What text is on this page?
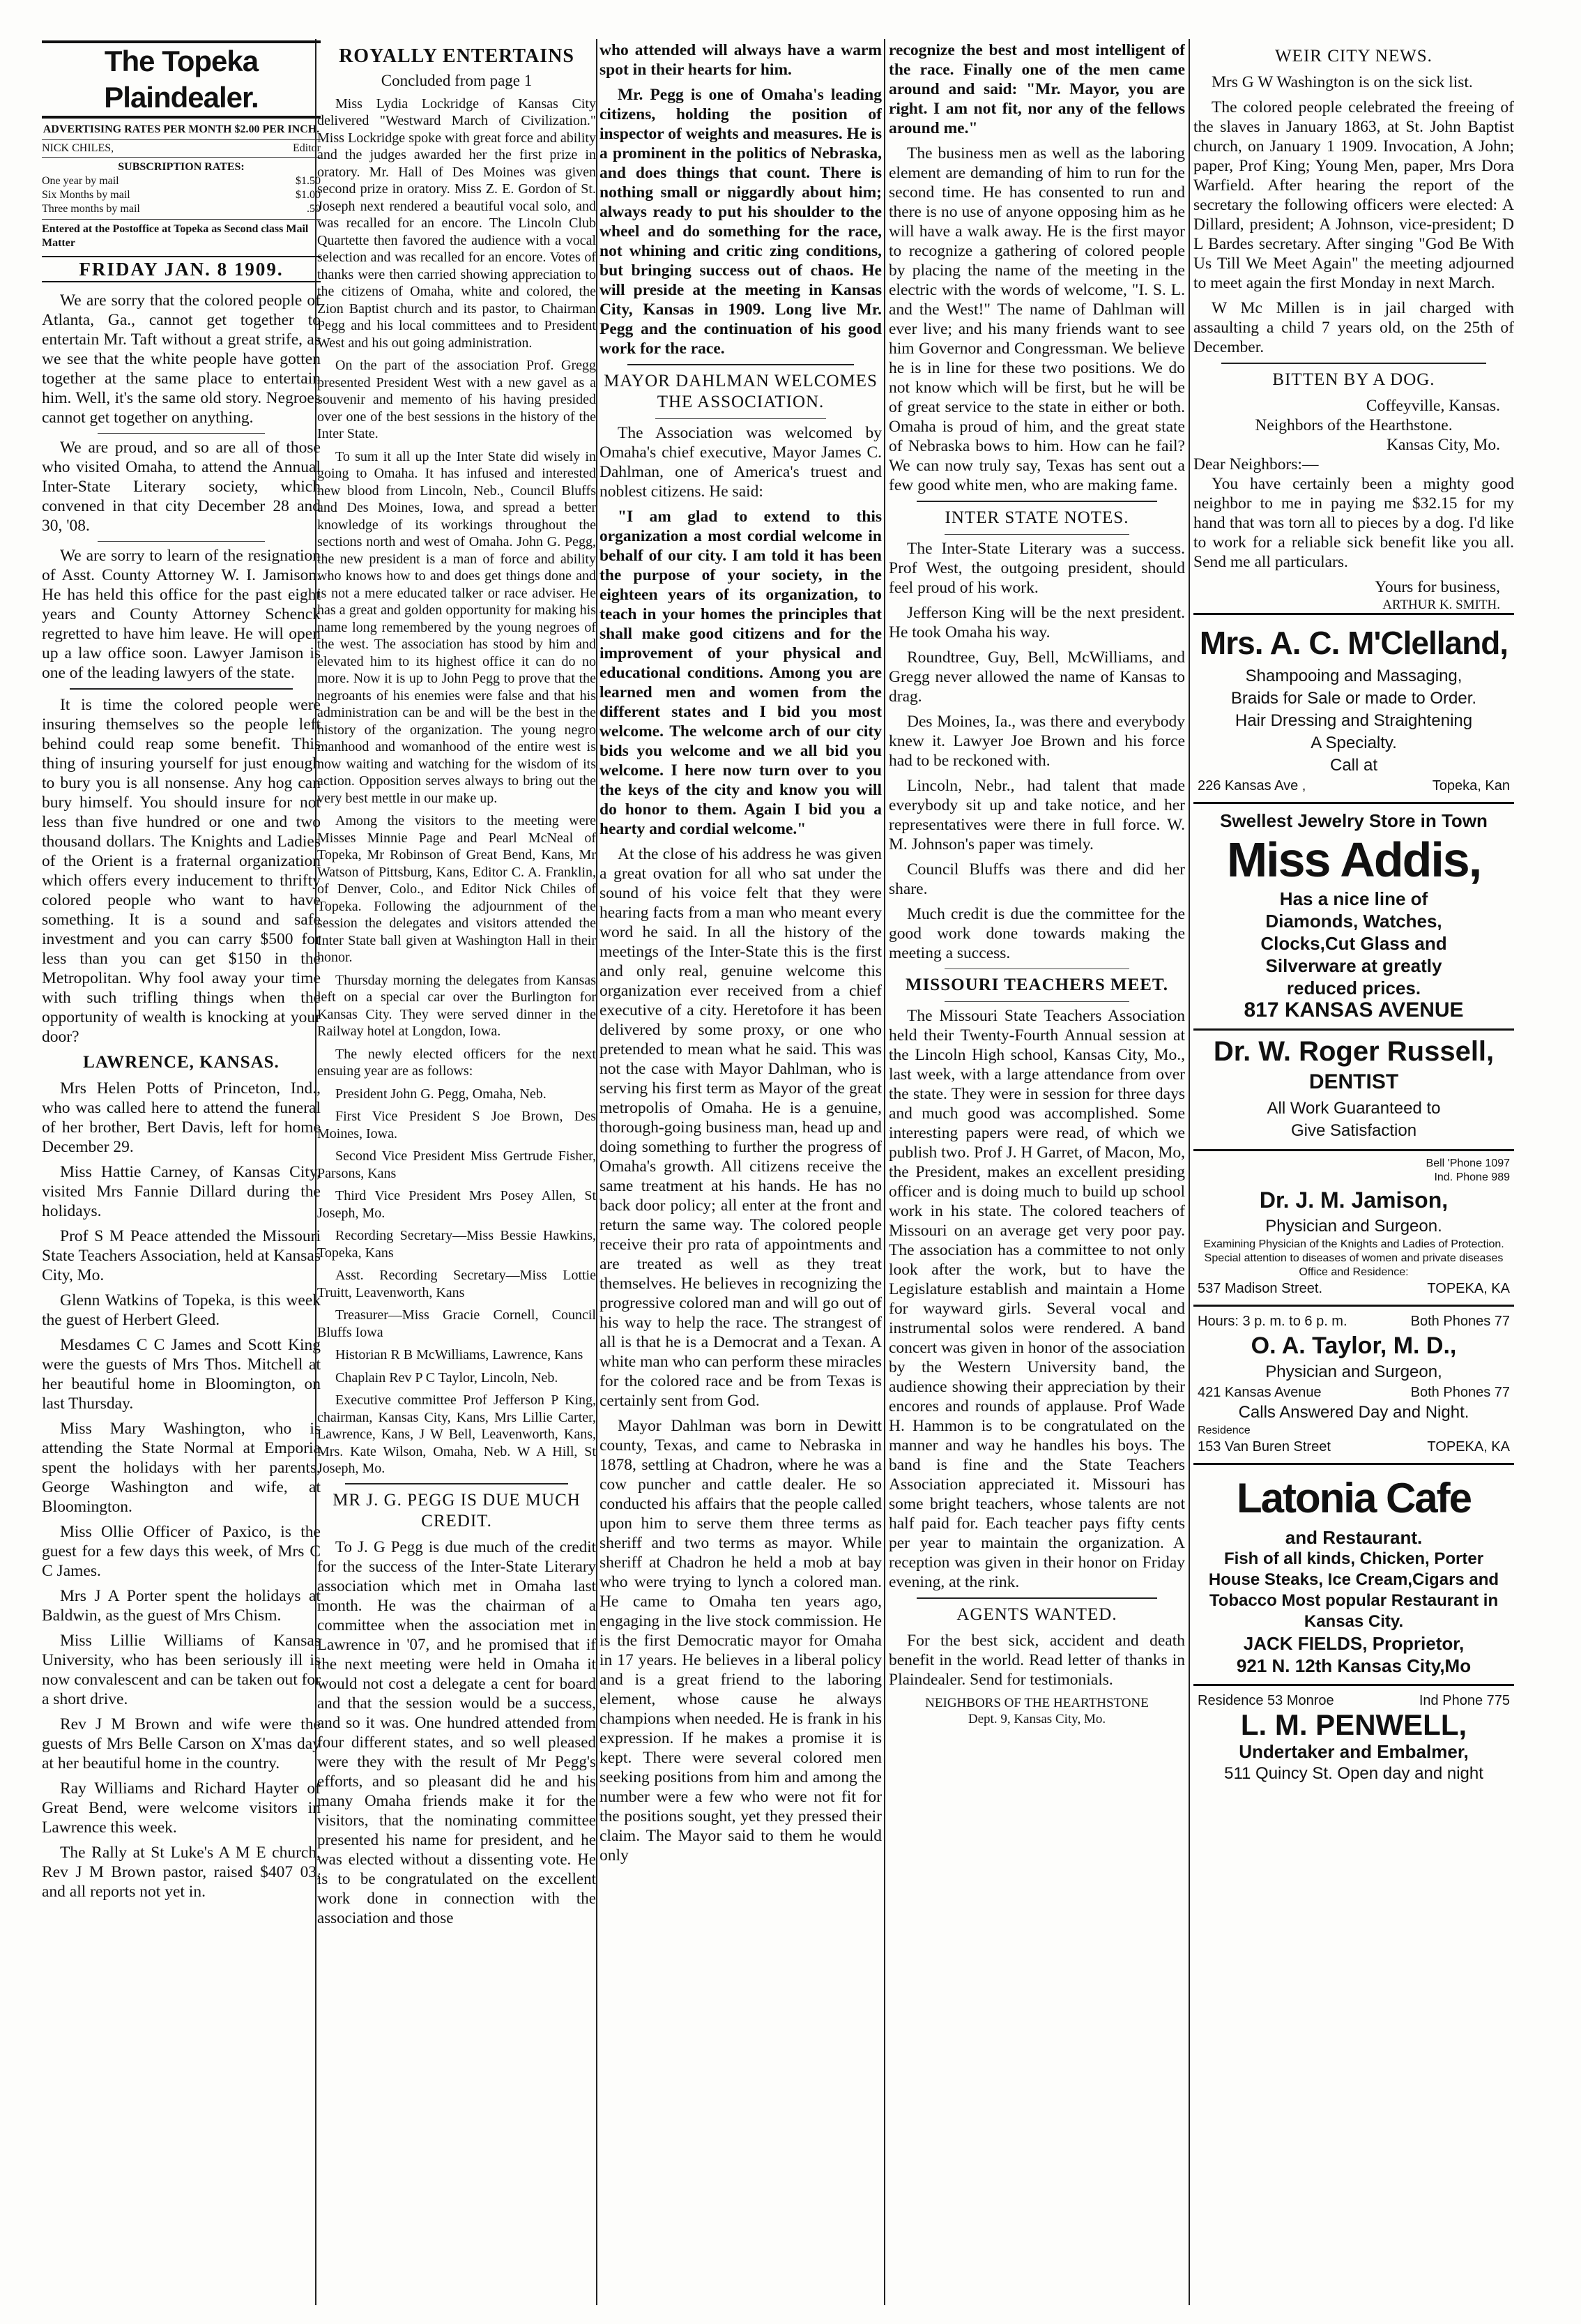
The Topeka Plaindealer.
ADVERTISING RATES PER MONTH $2.00 PER INCH.
NICK CHILES,	Editor
SUBSCRIPTION RATES:
One year by mail	$1.50
Six Months by mail	$1.00
Three months by mail	.50
Entered at the Postoffice at Topeka as Second class Mail Matter
FRIDAY JAN. 8 1909.

We are sorry that the colored people of Atlanta, Ga., cannot get together to entertain Mr. Taft without a great strife, as we see that the white people have gotten together at the same place to entertain him. Well, it's the same old story. Negroes cannot get together on anything.

We are proud, and so are all of those who visited Omaha, to attend the Annual Inter-State Literary society, which convened in that city December 28 and 30, '08.

We are sorry to learn of the resignation of Asst. County Attorney W. I. Jamison. He has held this office for the past eight years and County Attorney Schenck regretted to have him leave. He will open up a law office soon. Lawyer Jamison is one of the leading lawyers of the state.

It is time the colored people were insuring themselves so the people left behind could reap some benefit. This thing of insuring yourself for just enough to bury you is all nonsense. Any hog can bury himself. You should insure for not less than five hundred or one and two thousand dollars. The Knights and Ladies of the Orient is a fraternal organization which offers every inducement to thrifty colored people who want to have something. It is a sound and safe investment and you can carry $500 for less than you can get $150 in the Metropolitan. Why fool away your time with such trifling things when the opportunity of wealth is knocking at your door?

LAWRENCE, KANSAS.

Mrs Helen Potts of Princeton, Ind., who was called here to attend the funeral of her brother, Bert Davis, left for home December 29.

Miss Hattie Carney, of Kansas City, visited Mrs Fannie Dillard during the holidays.

Prof S M Peace attended the Missouri State Teachers Association, held at Kansas City, Mo.

Glenn Watkins of Topeka, is this week the guest of Herbert Gleed.

Mesdames C C James and Scott King were the guests of Mrs Thos. Mitchell at her beautiful home in Bloomington, on last Thursday.

Miss Mary Washington, who is attending the State Normal at Emporia spent the holidays with her parents, George Washington and wife, at Bloomington.

Miss Ollie Officer of Paxico, is the guest for a few days this week, of Mrs C C James.

Mrs J A Porter spent the holidays at Baldwin, as the guest of Mrs Chism.

Miss Lillie Williams of Kansas University, who has been seriously ill is now convalescent and can be taken out for a short drive.

Rev J M Brown and wife were the guests of Mrs Belle Carson on X'mas day at her beautiful home in the country.

Ray Williams and Richard Hayter of Great Bend, were welcome visitors in Lawrence this week.

The Rally at St Luke's A M E church, Rev J M Brown pastor, raised $407 03, and all reports not yet in.

ROYALLY ENTERTAINS
Concluded from page 1

Miss Lydia Lockridge of Kansas City delivered "Westward March of Civilization." Miss Lockridge spoke with great force and ability and the judges awarded her the first prize in oratory. Mr. Hall of Des Moines was given second prize in oratory. Miss Z. E. Gordon of St. Joseph next rendered a beautiful vocal solo, and was recalled for an encore. The Lincoln Club Quartette then favored the audience with a vocal selection and was recalled for an encore. Votes of thanks were then carried showing appreciation to the citizens of Omaha, white and colored, the Zion Baptist church and its pastor, to Chairman Pegg and his local committees and to President West and his out going administration.

On the part of the association Prof. Gregg presented President West with a new gavel as a souvenir and memento of his having presided over one of the best sessions in the history of the Inter State.

To sum it all up the Inter State did wisely in going to Omaha. It has infused and interested new blood from Lincoln, Neb., Council Bluffs and Des Moines, Iowa, and spread a better knowledge of its workings throughout the sections north and west of Omaha. John G. Pegg, the new president is a man of force and ability who knows how to and does get things done and is not a mere educated talker or race adviser. He has a great and golden opportunity for making his name long remembered by the young negroes of the west. The association has stood by him and elevated him to its highest office it can do no more. Now it is up to John Pegg to prove that the negroants of his enemies were false and that his administration can be and will be the best in the history of the organization. The young negro manhood and womanhood of the entire west is now waiting and watching for the wisdom of its action. Opposition serves always to bring out the very best mettle in our make up.

Among the visitors to the meeting were Misses Minnie Page and Pearl McNeal of Topeka, Mr Robinson of Great Bend, Kans, Mr Watson of Pittsburg, Kans, Editor C. A. Franklin, of Denver, Colo., and Editor Nick Chiles of Topeka. Following the adjournment of the session the delegates and visitors attended the Inter State ball given at Washington Hall in their honor.

Thursday morning the delegates from Kansas left on a special car over the Burlington for Kansas City. They were served dinner in the Railway hotel at Longdon, Iowa.

The newly elected officers for the next ensuing year are as follows:

President John G. Pegg, Omaha, Neb.

First Vice President S Joe Brown, Des Moines, Iowa.

Second Vice President Miss Gertrude Fisher, Parsons, Kans

Third Vice President Mrs Posey Allen, St Joseph, Mo.

Recording Secretary—Miss Bessie Hawkins, Topeka, Kans

Asst. Recording Secretary—Miss Lottie Truitt, Leavenworth, Kans

Treasurer—Miss Gracie Cornell, Council Bluffs Iowa

Historian R B McWilliams, Lawrence, Kans

Chaplain Rev P C Taylor, Lincoln, Neb.

Executive committee Prof Jefferson P King, chairman, Kansas City, Kans, Mrs Lillie Carter, Lawrence, Kans, J W Bell, Leavenworth, Kans, Mrs. Kate Wilson, Omaha, Neb. W A Hill, St Joseph, Mo.

MR J. G. PEGG IS DUE MUCH CREDIT.

To J. G Pegg is due much of the credit for the success of the Inter-State Literary association which met in Omaha last month. He was the chairman of a committee when the association met in Lawrence in '07, and he promised that if the next meeting were held in Omaha it would not cost a delegate a cent for board and that the session would be a success, and so it was. One hundred attended from four different states, and so well pleased were they with the result of Mr Pegg's efforts, and so pleasant did he and his many Omaha friends make it for the visitors, that the nominating committee presented his name for president, and he was elected without a dissenting vote. He is to be congratulated on the excellent work done in connection with the association and those

who attended will always have a warm spot in their hearts for him.

Mr. Pegg is one of Omaha's leading citizens, holding the position of inspector of weights and measures. He is a prominent in the politics of Nebraska, and does things that count. There is nothing small or niggardly about him; always ready to put his shoulder to the wheel and do something for the race, not whining and critic zing conditions, but bringing success out of chaos. He will preside at the meeting in Kansas City, Kansas in 1909. Long live Mr. Pegg and the continuation of his good work for the race.

MAYOR DAHLMAN WELCOMES THE ASSOCIATION.

The Association was welcomed by Omaha's chief executive, Mayor James C. Dahlman, one of America's truest and noblest citizens. He said:

"I am glad to extend to this organization a most cordial welcome in behalf of our city. I am told it has been the purpose of your society, in the eighteen years of its organization, to teach in your homes the principles that shall make good citizens and for the improvement of your physical and educational conditions. Among you are learned men and women from the different states and I bid you most welcome. The welcome arch of our city bids you welcome and we all bid you welcome. I here now turn over to you the keys of the city and know you will do honor to them. Again I bid you a hearty and cordial welcome."

At the close of his address he was given a great ovation for all who sat under the sound of his voice felt that they were hearing facts from a man who meant every word he said. In all the history of the meetings of the Inter-State this is the first and only real, genuine welcome this organization ever received from a chief executive of a city. Heretofore it has been delivered by some proxy, or one who pretended to mean what he said. This was not the case with Mayor Dahlman, who is serving his first term as Mayor of the great metropolis of Omaha. He is a genuine, thorough-going business man, head up and doing something to further the progress of Omaha's growth. All citizens receive the same treatment at his hands. He has no back door policy; all enter at the front and return the same way. The colored people receive their pro rata of appointments and are treated as well as they treat themselves. He believes in recognizing the progressive colored man and will go out of his way to help the race. The strangest of all is that he is a Democrat and a Texan. A white man who can perform these miracles for the colored race and be from Texas is certainly sent from God.

Mayor Dahlman was born in Dewitt county, Texas, and came to Nebraska in 1878, settling at Chadron, where he was a cow puncher and cattle dealer. He so conducted his affairs that the people called upon him to serve them three terms as sheriff and two terms as mayor. While sheriff at Chadron he held a mob at bay who were trying to lynch a colored man. He came to Omaha ten years ago, engaging in the live stock commission. He is the first Democratic mayor for Omaha in 17 years. He believes in a liberal policy and is a great friend to the laboring element, whose cause he always champions when needed. He is frank in his expression. If he makes a promise it is kept. There were several colored men seeking positions from him and among the number were a few who were not fit for the positions sought, yet they pressed their claim. The Mayor said to them he would only

recognize the best and most intelligent of the race. Finally one of the men came around and said: "Mr. Mayor, you are right. I am not fit, nor any of the fellows around me."

The business men as well as the laboring element are demanding of him to run for the second time. He has consented to run and there is no use of anyone opposing him as he will have a walk away. He is the first mayor to recognize a gathering of colored people by placing the name of the meeting in the electric with the words of welcome, "I. S. L. and the West!" The name of Dahlman will ever live; and his many friends want to see him Governor and Congressman. We believe he is in line for these two positions. We do not know which will be first, but he will be of great service to the state in either or both. Omaha is proud of him, and the great state of Nebraska bows to him. How can he fail? We can now truly say, Texas has sent out a few good white men, who are making fame.

INTER STATE NOTES.

The Inter-State Literary was a success. Prof West, the outgoing president, should feel proud of his work.

Jefferson King will be the next president. He took Omaha his way.

Roundtree, Guy, Bell, McWilliams, and Gregg never allowed the name of Kansas to drag.

Des Moines, Ia., was there and everybody knew it. Lawyer Joe Brown and his force had to be reckoned with.

Lincoln, Nebr., had talent that made everybody sit up and take notice, and her representatives were there in full force. W. M. Johnson's paper was timely.

Council Bluffs was there and did her share.

Much credit is due the committee for the good work done towards making the meeting a success.

MISSOURI TEACHERS MEET.

The Missouri State Teachers Association held their Twenty-Fourth Annual session at the Lincoln High school, Kansas City, Mo., last week, with a large attendance from over the state. They were in session for three days and much good was accomplished. Some interesting papers were read, of which we publish two. Prof J. H Garret, of Macon, Mo, the President, makes an excellent presiding officer and is doing much to build up school work in his state. The colored teachers of Missouri on an average get very poor pay. The association has a committee to not only look after the work, but to have the Legislature establish and maintain a Home for wayward girls. Several vocal and instrumental solos were rendered. A band concert was given in honor of the association by the Western University band, the audience showing their appreciation by their encores and rounds of applause. Prof Wade H. Hammon is to be congratulated on the manner and way he handles his boys. The band is fine and the State Teachers Association appreciated it. Missouri has some bright teachers, whose talents are not half paid for. Each teacher pays fifty cents per year to maintain the organization. A reception was given in their honor on Friday evening, at the rink.

AGENTS WANTED.

For the best sick, accident and death benefit in the world. Read letter of thanks in Plaindealer. Send for testimonials.

NEIGHBORS OF THE HEARTHSTONE
Dept. 9, Kansas City, Mo.
WEIR CITY NEWS.

Mrs G W Washington is on the sick list.

The colored people celebrated the freeing of the slaves in January 1863, at St. John Baptist church, on January 1 1909. Invocation, A John; paper, Prof King; Young Men, paper, Mrs Dora Warfield. After hearing the report of the secretary the following officers were elected: A Dillard, president; A Johnson, vice-president; D L Bardes secretary. After singing "God Be With Us Till We Meet Again" the meeting adjourned to meet again the first Monday in next March.

W Mc Millen is in jail charged with assaulting a child 7 years old, on the 25th of December.

BITTEN BY A DOG.
Coffeyville, Kansas.
Neighbors of the Hearthstone.
Kansas City, Mo.
Dear Neighbors:—

You have certainly been a mighty good neighbor to me in paying me $32.15 for my hand that was torn all to pieces by a dog. I'd like to work for a reliable sick benefit like you all. Send me all particulars.

Yours for business,
ARTHUR K. SMITH.
Mrs. A. C. M'Clelland,
Shampooing and Massaging,
Braids for Sale or made to Order.
Hair Dressing and Straightening
A Specialty.
Call at
226 Kansas Ave ,	Topeka, Kan
Swellest Jewelry Store in Town
Miss Addis,
Has a nice line of
Diamonds, Watches,
Clocks,Cut Glass and
Silverware at greatly
reduced prices.
817 KANSAS AVENUE
Dr. W. Roger Russell,
DENTIST
All Work Guaranteed to
Give Satisfaction
Bell 'Phone 1097
Ind. Phone 989
Dr. J. M. Jamison,
Physician and Surgeon.
Examining Physician of the Knights and Ladies of Protection.
Special attention to diseases of women and private diseases
Office and Residence:
537 Madison Street.	TOPEKA, KA
Hours: 3 p. m. to 6 p. m.	Both Phones 77
O. A. Taylor, M. D.,
Physician and Surgeon,
421 Kansas Avenue	Both Phones 77
Calls Answered Day and Night.
Residence
153 Van Buren Street	TOPEKA, KA
Latonia Cafe
and Restaurant.
Fish of all kinds, Chicken, Porter House Steaks, Ice Cream,Cigars and Tobacco Most popular Restaurant in Kansas City.
JACK FIELDS, Proprietor,
921 N. 12th Kansas City,Mo
Residence 53 Monroe	Ind Phone 775
L. M. PENWELL,
Undertaker and Embalmer,
511 Quincy St. Open day and night
